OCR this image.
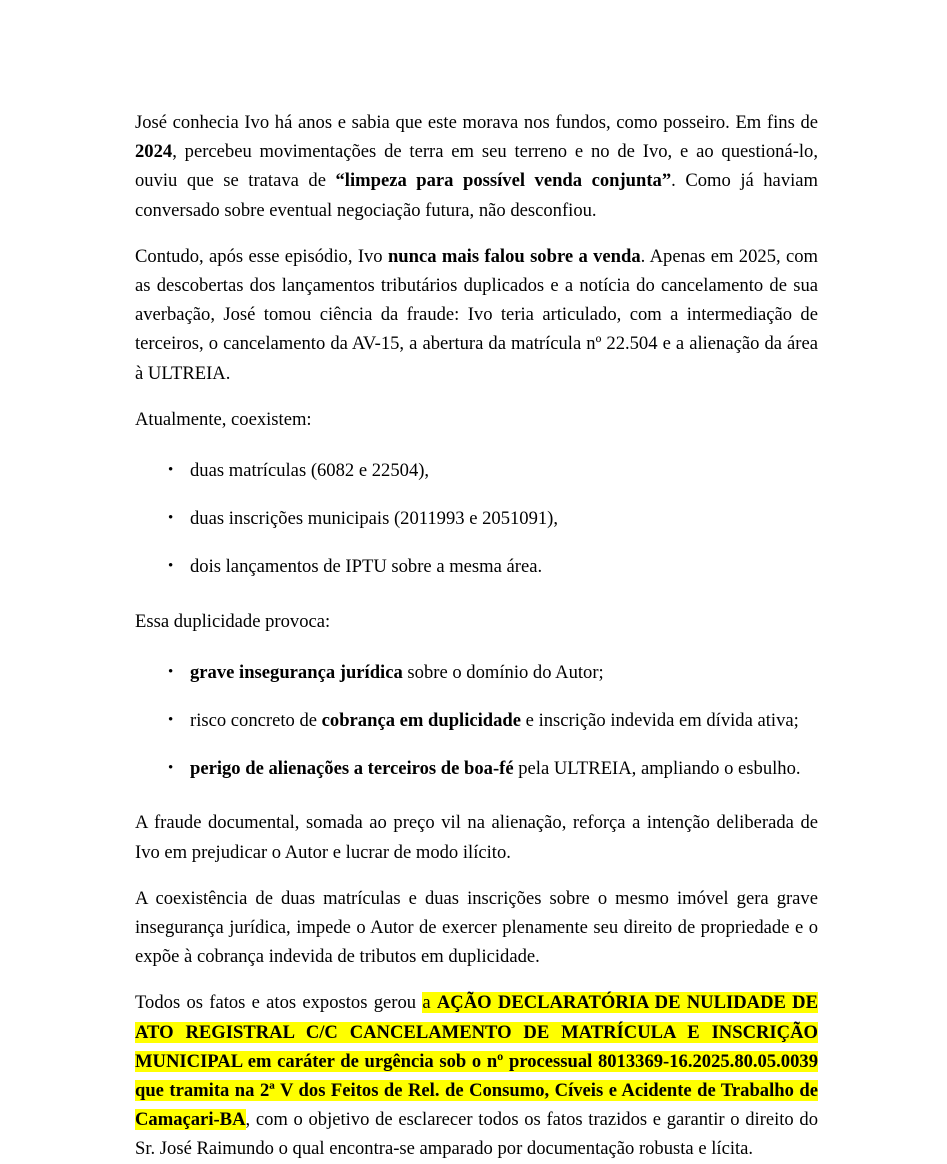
José conhecia Ivo há anos e sabia que este morava nos fundos, como posseiro. Em fins de 2024, percebeu movimentações de terra em seu terreno e no de Ivo, e ao questioná-lo, ouviu que se tratava de “limpeza para possível venda conjunta”. Como já haviam conversado sobre eventual negociação futura, não desconfiou.

Contudo, após esse episódio, Ivo nunca mais falou sobre a venda. Apenas em 2025, com as descobertas dos lançamentos tributários duplicados e a notícia do cancelamento de sua averbação, José tomou ciência da fraude: Ivo teria articulado, com a intermediação de terceiros, o cancelamento da AV-15, a abertura da matrícula nº 22.504 e a alienação da área à ULTREIA.

Atualmente, coexistem:

• duas matrículas (6082 e 22504),
• duas inscrições municipais (2011993 e 2051091),
• dois lançamentos de IPTU sobre a mesma área.

Essa duplicidade provoca:

• grave insegurança jurídica sobre o domínio do Autor;
• risco concreto de cobrança em duplicidade e inscrição indevida em dívida ativa;
• perigo de alienações a terceiros de boa-fé pela ULTREIA, ampliando o esbulho.

A fraude documental, somada ao preço vil na alienação, reforça a intenção deliberada de Ivo em prejudicar o Autor e lucrar de modo ilícito.

A coexistência de duas matrículas e duas inscrições sobre o mesmo imóvel gera grave insegurança jurídica, impede o Autor de exercer plenamente seu direito de propriedade e o expõe à cobrança indevida de tributos em duplicidade.

Todos os fatos e atos expostos gerou a AÇÃO DECLARATÓRIA DE NULIDADE DE ATO REGISTRAL C/C CANCELAMENTO DE MATRÍCULA E INSCRIÇÃO MUNICIPAL em caráter de urgência sob o nº processual 8013369-16.2025.80.05.0039 que tramita na 2ª V dos Feitos de Rel. de Consumo, Cíveis e Acidente de Trabalho de Camaçari-BA, com o objetivo de esclarecer todos os fatos trazidos e garantir o direito do Sr. José Raimundo o qual encontra-se amparado por documentação robusta e lícita.
